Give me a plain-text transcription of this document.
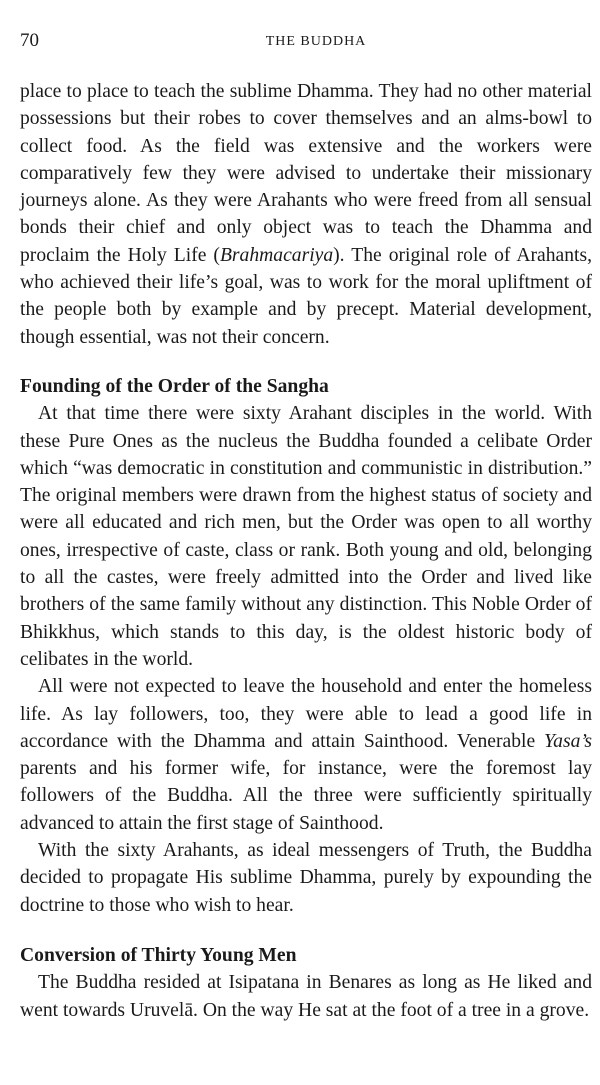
70	THE BUDDHA

place to place to teach the sublime Dhamma. They had no other material possessions but their robes to cover themselves and an alms-bowl to collect food. As the field was extensive and the workers were comparatively few they were advised to undertake their missionary journeys alone. As they were Arahants who were freed from all sensual bonds their chief and only object was to teach the Dhamma and proclaim the Holy Life (Brahmacariya). The original role of Arahants, who achieved their life’s goal, was to work for the moral upliftment of the people both by example and by precept. Material development, though essential, was not their concern.

Founding of the Order of the Sangha

At that time there were sixty Arahant disciples in the world. With these Pure Ones as the nucleus the Buddha founded a celibate Order which “was democratic in constitution and communistic in distribution.” The original members were drawn from the highest status of society and were all educated and rich men, but the Order was open to all worthy ones, irrespective of caste, class or rank. Both young and old, belonging to all the castes, were freely admitted into the Order and lived like brothers of the same family without any distinction. This Noble Order of Bhikkhus, which stands to this day, is the oldest historic body of celibates in the world.

All were not expected to leave the household and enter the homeless life. As lay followers, too, they were able to lead a good life in accordance with the Dhamma and attain Sainthood. Venerable Yasa’s parents and his former wife, for instance, were the foremost lay followers of the Buddha. All the three were sufficiently spiritually advanced to attain the first stage of Sainthood.

With the sixty Arahants, as ideal messengers of Truth, the Buddha decided to propagate His sublime Dhamma, purely by expounding the doctrine to those who wish to hear.

Conversion of Thirty Young Men

The Buddha resided at Isipatana in Benares as long as He liked and went towards Uruvelā. On the way He sat at the foot of a tree in a grove.
